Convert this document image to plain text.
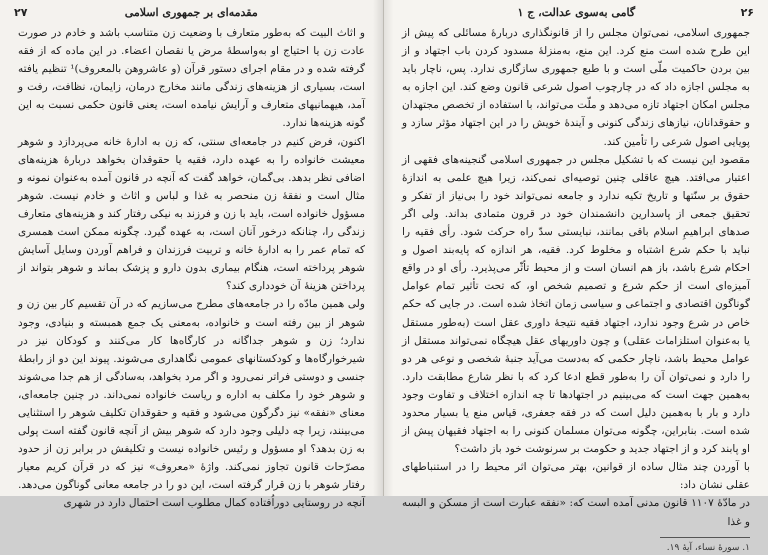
۲۷	مقدمه‌ای بر جمهوری اسلامی

و اثاث البیت که به‌طور متعارف با وضعیت زن متناسب باشد و خادم در صورت عادت زن یا احتیاج او به‌واسطهٔ مرض یا نقصان اعضاء. در این ماده که از فقه گرفته شده و در مقام اجرای دستور قرآن (و عاشروهن بالمعروف)¹ تنظیم یافته است، بسیاری از هزینه‌های زندگی مانند مخارج درمان، زایمان، نظافت، رفت و آمد، هیهمانیهای متعارف و آرایش نیامده است، یعنی قانون حکمی نسبت به این گونه هزینه‌ها ندارد.

اکنون، فرض کنیم در جامعه‌ای سنتی، که زن به ادارهٔ خانه می‌پردازد و شوهر معیشت خانواده را به عهده دارد، فقیه یا حقوقدان بخواهد دربارهٔ هزینه‌های اضافی نظر بدهد. بی‌گمان، خواهد گفت که آنچه در قانون آمده به‌عنوان نمونه و مثال است و نفقهٔ زن منحصر به غذا و لباس و اثاث و خادم نیست. شوهر مسؤول خانواده است، باید با زن و فرزند به نیکی رفتار کند و هزینه‌های متعارف زندگی را، چنانکه درخور آنان است، به عهده گیرد. چگونه ممکن است همسری که تمام عمر را به ادارهٔ خانه و تربیت فرزندان و فراهم آوردن وسایل آسایش شوهر پرداخته است، هنگام بیماری بدون دارو و پزشک بماند و شوهر بتواند از پرداختن هزینهٔ آن خودداری کند؟

ولی همین مادّه را در جامعه‌های مطرح می‌سازیم که در آن تقسیم کار بین زن و شوهر از بین رفته است و خانواده، به‌معنی یک جمع همبسته و بنیادی، وجود ندارد؛ زن و شوهر جداگانه در کارگاه‌ها کار می‌کنند و کودکان نیز در شیرخوارگاه‌ها و کودکستانهای عمومی نگاهداری می‌شوند. پیوند این دو از رابطهٔ جنسی و دوستی فراتر نمی‌رود و اگر مرد بخواهد، به‌سادگی از هم جدا می‌شوند و شوهر خود را مکلف به اداره و ریاست خانواده نمی‌داند. در چنین جامعه‌ای، معنای «نفقه» نیز دگرگون می‌شود و فقیه و حقوقدان تکلیف شوهر را استثنایی می‌بینند، زیرا چه دلیلی وجود دارد که شوهر بیش از آنچه قانون گفته است پولی به زن بدهد؟ او مسؤول و رئیس خانواده نیست و تکلیفش در برابر زن از حدود مصرّحات قانون تجاوز نمی‌کند. واژهٔ «معروف» نیز که در قرآن کریم معیار رفتار شوهر با زن قرار گرفته است، این دو را در جامعه معانی گوناگون می‌دهد. آنچه در روستایی دوراُفتاده کمال مطلوب است احتمال دارد در شهری

گامی به‌سوی عدالت، ج ۱	۲۶

جمهوری اسلامی، نمی‌توان مجلس را از قانونگذاری دربارهٔ مسائلی که پیش از این طرح شده است منع کرد. این منع، به‌منزلهٔ مسدود کردن باب اجتهاد و از بین بردن حاکمیت ملّی است و با طبع جمهوری سازگاری ندارد. پس، ناچار باید به مجلس اجازه داد که در چارچوب اصول شرعی قانون وضع کند. این اجازه به مجلس امکان اجتهاد تازه می‌دهد و ملّت می‌تواند، با استفاده از تخصص مجتهدان و حقوقدانان، نیازهای زندگی کنونی و آیندهٔ خویش را در این اجتهاد مؤثر سازد و پویایی اصول شرعی را تأمین کند.

مقصود این نیست که با تشکیل مجلس در جمهوری اسلامی گنجینه‌های فقهی از اعتبار می‌افتد. هیچ عاقلی چنین توصیه‌ای نمی‌کند، زیرا هیچ علمی به اندازهٔ حقوق بر سنّتها و تاریخ تکیه ندارد و جامعه نمی‌تواند خود را بی‌نیاز از تفکر و تحقیق جمعی از پاسدارین دانشمندان خود در قرون متمادی بداند. ولی اگر صدها‌ی ابراهیمِ اسلام باقی بمانند، نبایستی سدّ راه حرکت شود. رأی فقیه را نباید با حکم شرع اشتباه و مخلوط کرد. فقیه، هر اندازه که پایه‌بند اصول و احکام شرع باشد، باز هم انسان است و از محیط تأثّر می‌پذیرد. رأی او در واقع آمیزه‌ای است از حکم شرع و تصمیم شخص او، که تحت تأثیر تمام عوامل گوناگون اقتصادی و اجتماعی و سیاسی زمان اتخاذ شده است. در جایی که حکم خاص در شرع وجود ندارد، اجتهاد فقیه نتیجهٔ داوری عقل است (به‌طور مستقل یا به‌عنوان استلزامات عقلی) و چون داوریهای عقل هیچگاه نمی‌تواند مستقل از عوامل محیط باشد، ناچار حکمی که به‌دست می‌آید جنبهٔ شخصی و نوعی هر دو را دارد و نمی‌توان آن را به‌طور قطع ادعا کرد که با نظر شارع مطابقت دارد. به‌همین جهت است که می‌بینیم در اجتهادها تا چه اندازه اختلاف و تفاوت وجود دارد و بار با به‌همین دلیل است که در فقه جعفری، قیاس منع یا بسیار محدود شده است. بنابراین، چگونه می‌توان مسلمان کنونی را به اجتهاد فقیهان پیش از او پابند کرد و از اجتهاد جدید و حکومت بر سرنوشت خود باز داشت؟

با آوردن چند مثال ساده از قوانین، بهتر می‌توان اثر محیط را در استنباطهای عقلی نشان داد:

در مادّهٔ ۱۱۰۷ قانون مدنی آمده است که: «نفقه عبارت است از مسکن و البسه و غذا

۱. سورهٔ نساء، آیهٔ ۱۹.
